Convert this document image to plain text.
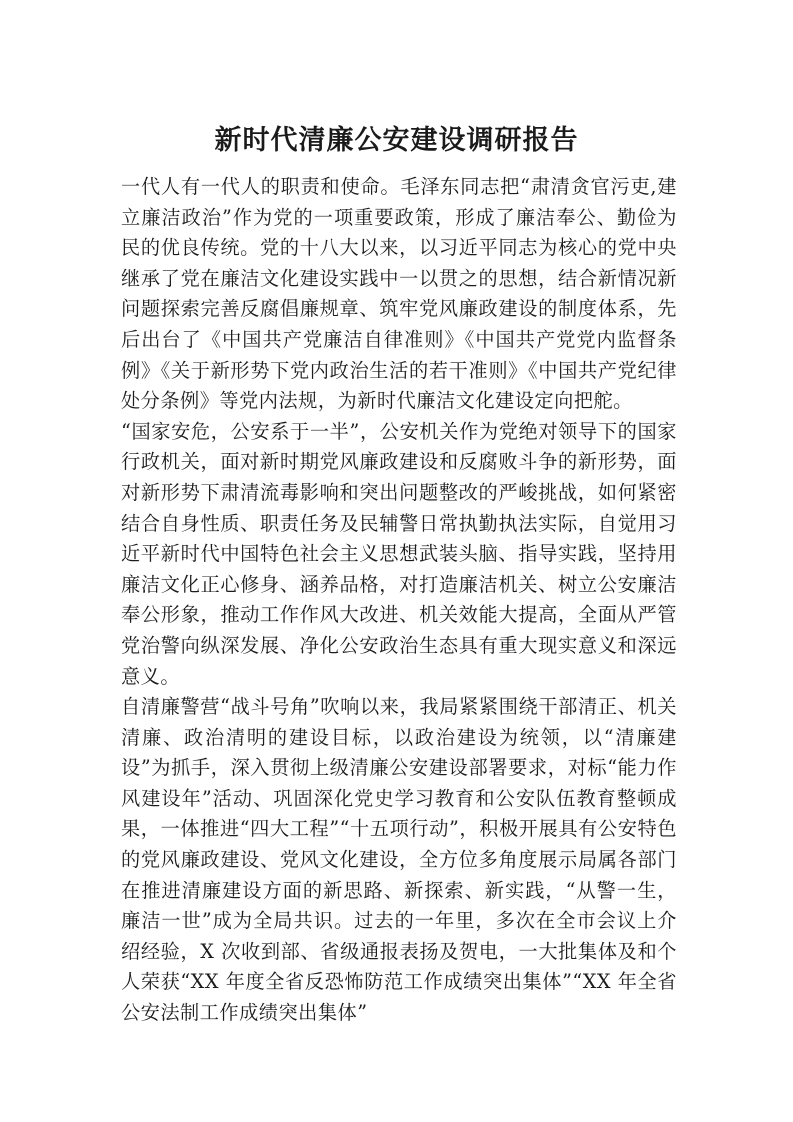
新时代清廉公安建设调研报告

一代人有一代人的职责和使命。毛泽东同志把“肃清贪官污吏,建立廉洁政治”作为党的一项重要政策，形成了廉洁奉公、勤俭为民的优良传统。党的十八大以来，以习近平同志为核心的党中央继承了党在廉洁文化建设实践中一以贯之的思想，结合新情况新问题探索完善反腐倡廉规章、筑牢党风廉政建设的制度体系，先后出台了《中国共产党廉洁自律准则》《中国共产党党内监督条例》《关于新形势下党内政治生活的若干准则》《中国共产党纪律处分条例》等党内法规，为新时代廉洁文化建设定向把舵。

“国家安危，公安系于一半”，公安机关作为党绝对领导下的国家行政机关，面对新时期党风廉政建设和反腐败斗争的新形势，面对新形势下肃清流毒影响和突出问题整改的严峻挑战，如何紧密结合自身性质、职责任务及民辅警日常执勤执法实际，自觉用习近平新时代中国特色社会主义思想武装头脑、指导实践，坚持用廉洁文化正心修身、涵养品格，对打造廉洁机关、树立公安廉洁奉公形象，推动工作作风大改进、机关效能大提高，全面从严管党治警向纵深发展、净化公安政治生态具有重大现实意义和深远意义。

自清廉警营“战斗号角”吹响以来，我局紧紧围绕干部清正、机关清廉、政治清明的建设目标，以政治建设为统领，以“清廉建设”为抓手，深入贯彻上级清廉公安建设部署要求，对标“能力作风建设年”活动、巩固深化党史学习教育和公安队伍教育整顿成果，一体推进“四大工程”“十五项行动”，积极开展具有公安特色的党风廉政建设、党风文化建设，全方位多角度展示局属各部门在推进清廉建设方面的新思路、新探索、新实践，“从警一生，廉洁一世”成为全局共识。过去的一年里，多次在全市会议上介绍经验，X 次收到部、省级通报表扬及贺电，一大批集体及和个人荣获“XX 年度全省反恐怖防范工作成绩突出集体”“XX 年全省公安法制工作成绩突出集体”
